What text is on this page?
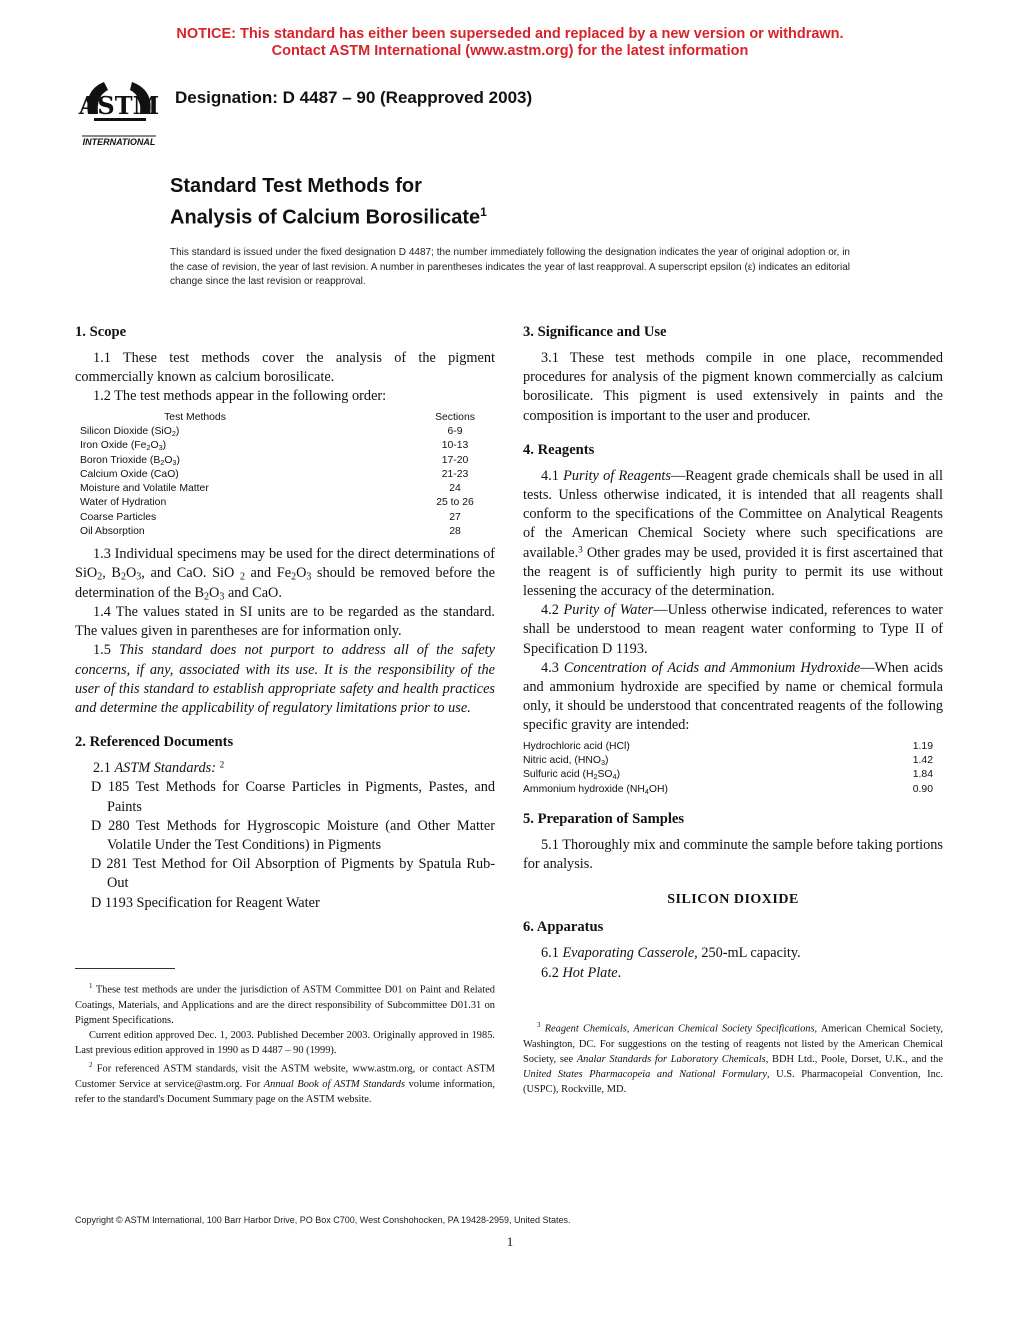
NOTICE: This standard has either been superseded and replaced by a new version or withdrawn.
Contact ASTM International (www.astm.org) for the latest information
ASTM
INTERNATIONAL
Designation: D 4487 – 90 (Reapproved 2003)
Standard Test Methods for
Analysis of Calcium Borosilicate$^1$
This standard is issued under the fixed designation D 4487; the number immediately following the designation indicates the year of original adoption or, in the case of revision, the year of last revision. A number in parentheses indicates the year of last reapproval. A superscript epsilon (ε) indicates an editorial change since the last revision or reapproval.
1. Scope
1.1 These test methods cover the analysis of the pigment commercially known as calcium borosilicate.
1.2 The test methods appear in the following order:
Test Methods	Sections
Silicon Dioxide (SiO$_2$)	6-9
Iron Oxide $(Fe_2O_3)$	10-13
Boron Trioxide $(B_2O_3)$	17-20
Calcium Oxide (CaO)	21-23
Moisture and Volatile Matter	24
Water of Hydration	25 to 26
Coarse Particles	27
Oil Absorption	28
1.3 Individual specimens may be used for the direct determinations of SiO$_2$, $B_2O_3$, and CaO. SiO $_2$ and $Fe_2O_3$ should be removed before the determination of the $B_2O_3$ and CaO.
1.4 The values stated in SI units are to be regarded as the standard. The values given in parentheses are for information only.
1.5 This standard does not purport to address all of the safety concerns, if any, associated with its use. It is the responsibility of the user of this standard to establish appropriate safety and health practices and determine the applicability of regulatory limitations prior to use.
2. Referenced Documents
2.1 ASTM Standards: $^2$
D 185 Test Methods for Coarse Particles in Pigments, Pastes, and Paints
D 280 Test Methods for Hygroscopic Moisture (and Other Matter Volatile Under the Test Conditions) in Pigments
D 281 Test Method for Oil Absorption of Pigments by Spatula Rub-Out
D 1193 Specification for Reagent Water
$^1$ These test methods are under the jurisdiction of ASTM Committee D01 on Paint and Related Coatings, Materials, and Applications and are the direct responsibility of Subcommittee D01.31 on Pigment Specifications.
Current edition approved Dec. 1, 2003. Published December 2003. Originally approved in 1985. Last previous edition approved in 1990 as D 4487 – 90 (1999).
$^2$ For referenced ASTM standards, visit the ASTM website, www.astm.org, or contact ASTM Customer Service at service@astm.org. For Annual Book of ASTM Standards volume information, refer to the standard's Document Summary page on the ASTM website.
3. Significance and Use
3.1 These test methods compile in one place, recommended procedures for analysis of the pigment known commercially as calcium borosilicate. This pigment is used extensively in paints and the composition is important to the user and producer.
4. Reagents
4.1 Purity of Reagents—Reagent grade chemicals shall be used in all tests. Unless otherwise indicated, it is intended that all reagents shall conform to the specifications of the Committee on Analytical Reagents of the American Chemical Society where such specifications are available.$^3$ Other grades may be used, provided it is first ascertained that the reagent is of sufficiently high purity to permit its use without lessening the accuracy of the determination.
4.2 Purity of Water—Unless otherwise indicated, references to water shall be understood to mean reagent water conforming to Type II of Specification D 1193.
4.3 Concentration of Acids and Ammonium Hydroxide—When acids and ammonium hydroxide are specified by name or chemical formula only, it should be understood that concentrated reagents of the following specific gravity are intended:
Hydrochloric acid (HCl)	1.19
Nitric acid, $(HNO_3)$	1.42
Sulfuric acid $(H_2SO_4)$	1.84
Ammonium hydroxide $(NH_4OH)$	0.90
5. Preparation of Samples
5.1 Thoroughly mix and comminute the sample before taking portions for analysis.
SILICON DIOXIDE
6. Apparatus
6.1 Evaporating Casserole, 250-mL capacity.
6.2 Hot Plate.
$^3$ Reagent Chemicals, American Chemical Society Specifications, American Chemical Society, Washington, DC. For suggestions on the testing of reagents not listed by the American Chemical Society, see Analar Standards for Laboratory Chemicals, BDH Ltd., Poole, Dorset, U.K., and the United States Pharmacopeia and National Formulary, U.S. Pharmacopeial Convention, Inc. (USPC), Rockville, MD.
Copyright © ASTM International, 100 Barr Harbor Drive, PO Box C700, West Conshohocken, PA 19428-2959, United States.
1
